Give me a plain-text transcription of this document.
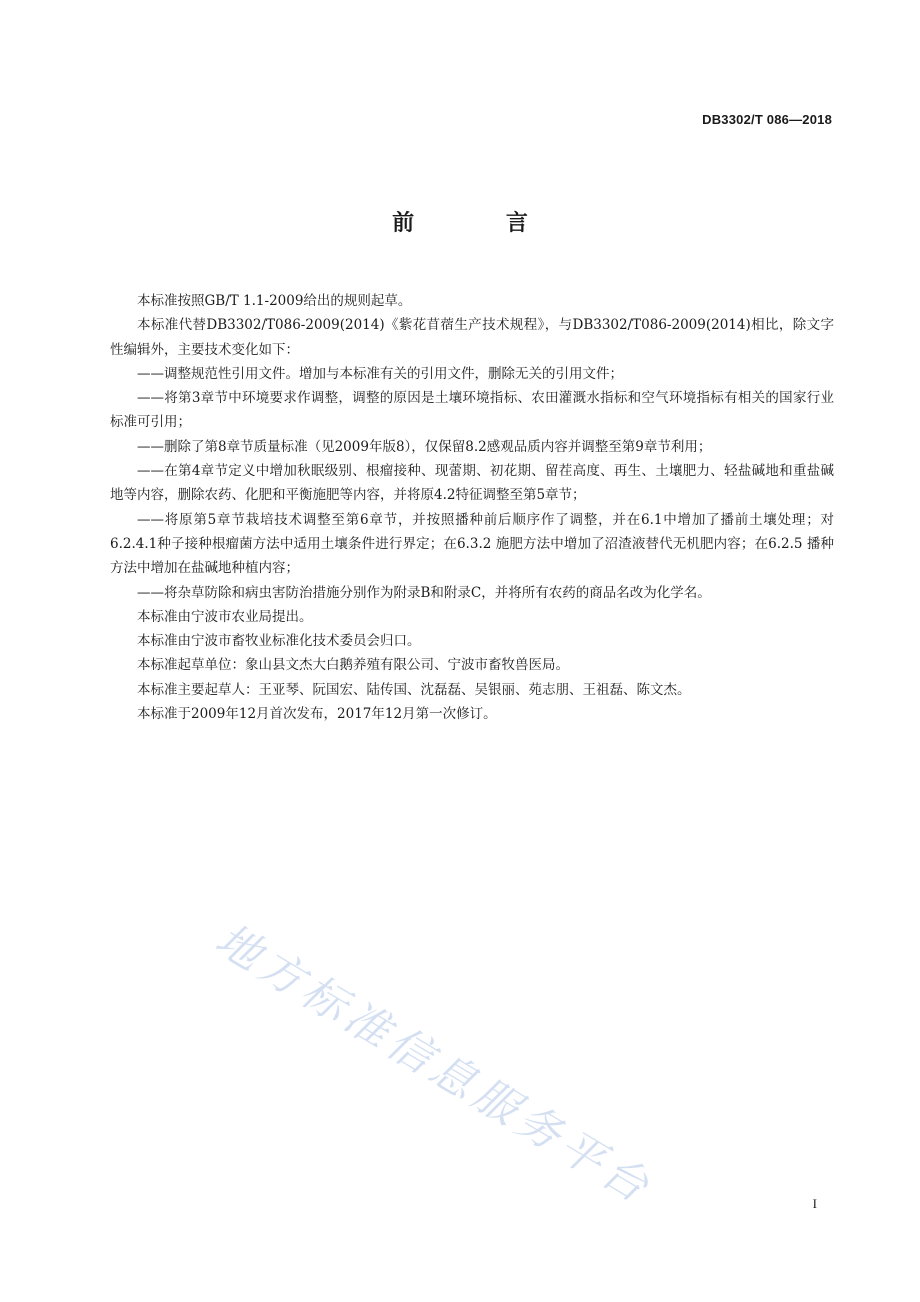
DB3302/T 086—2018
前 言

本标准按照GB/T 1.1-2009给出的规则起草。

本标准代替DB3302/T086-2009(2014)《紫花苜蓿生产技术规程》，与DB3302/T086-2009(2014)相比，除文字性编辑外，主要技术变化如下：

——调整规范性引用文件。增加与本标准有关的引用文件，删除无关的引用文件；

——将第3章节中环境要求作调整，调整的原因是土壤环境指标、农田灌溉水指标和空气环境指标有相关的国家行业标准可引用；

——删除了第8章节质量标准（见2009年版8），仅保留8.2感观品质内容并调整至第9章节利用；

——在第4章节定义中增加秋眠级别、根瘤接种、现蕾期、初花期、留茬高度、再生、土壤肥力、轻盐碱地和重盐碱地等内容，删除农药、化肥和平衡施肥等内容，并将原4.2特征调整至第5章节；

——将原第5章节栽培技术调整至第6章节，并按照播种前后顺序作了调整，并在6.1中增加了播前土壤处理；对6.2.4.1种子接种根瘤菌方法中适用土壤条件进行界定；在6.3.2 施肥方法中增加了沼渣液替代无机肥内容；在6.2.5 播种方法中增加在盐碱地种植内容；

——将杂草防除和病虫害防治措施分别作为附录B和附录C，并将所有农药的商品名改为化学名。

本标准由宁波市农业局提出。

本标准由宁波市畜牧业标准化技术委员会归口。

本标准起草单位：象山县文杰大白鹅养殖有限公司、宁波市畜牧兽医局。

本标准主要起草人：王亚琴、阮国宏、陆传国、沈磊磊、吴银丽、苑志朋、王祖磊、陈文杰。

本标准于2009年12月首次发布，2017年12月第一次修订。

地方标准信息服务平台	I
